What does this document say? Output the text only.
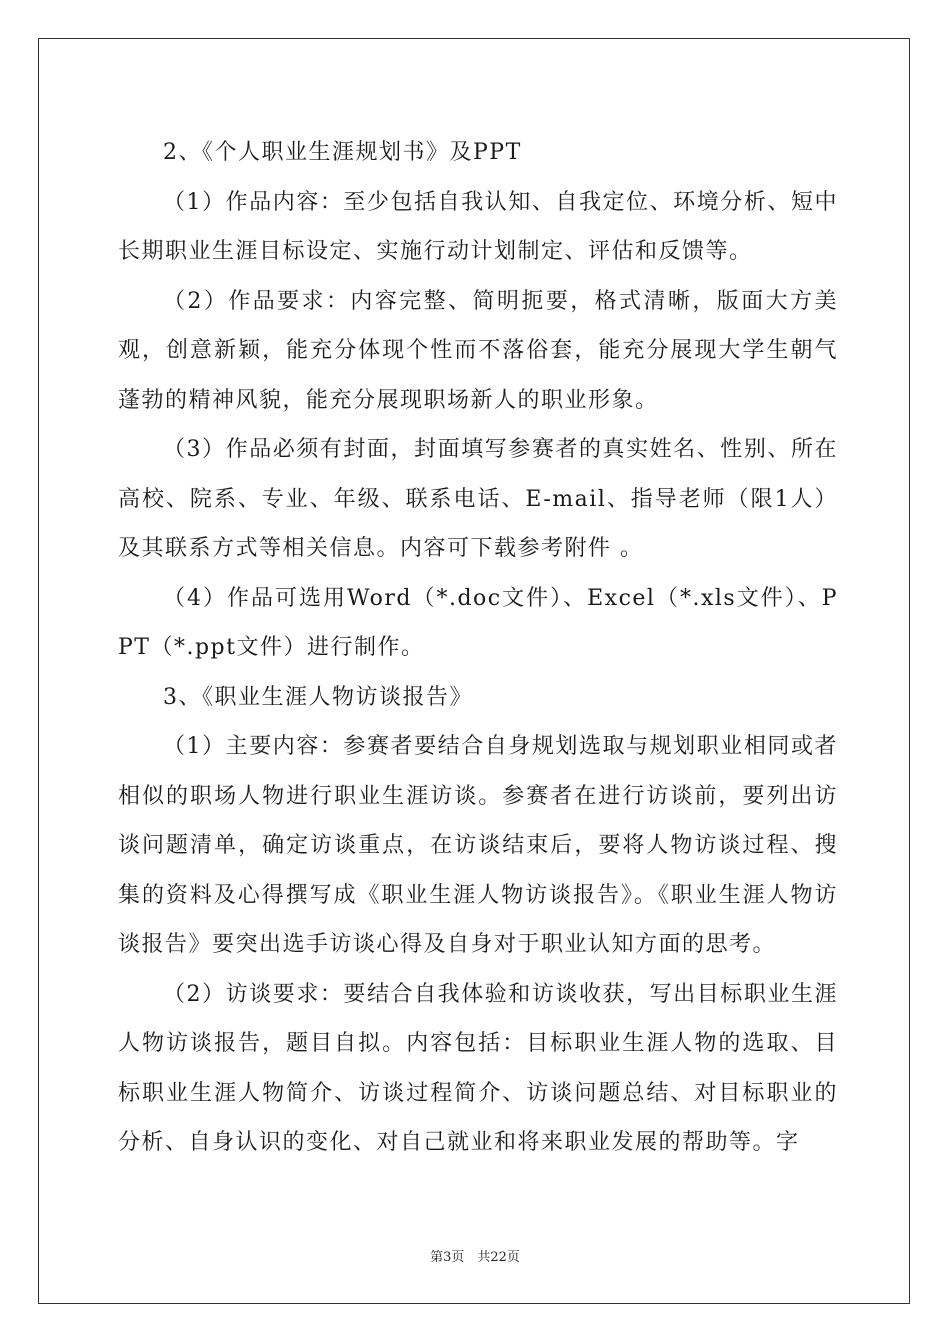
2、《个人职业生涯规划书》及PPT

（1）作品内容：至少包括自我认知、自我定位、环境分析、短中长期职业生涯目标设定、实施行动计划制定、评估和反馈等。

（2）作品要求：内容完整、简明扼要，格式清晰，版面大方美观，创意新颖，能充分体现个性而不落俗套，能充分展现大学生朝气蓬勃的精神风貌，能充分展现职场新人的职业形象。

（3）作品必须有封面，封面填写参赛者的真实姓名、性别、所在高校、院系、专业、年级、联系电话、E-mail、指导老师（限1人）及其联系方式等相关信息。内容可下载参考附件 。

（4）作品可选用Word（*.doc文件）、Excel（*.xls文件）、PPT（*.ppt文件）进行制作。

3、《职业生涯人物访谈报告》

（1）主要内容：参赛者要结合自身规划选取与规划职业相同或者相似的职场人物进行职业生涯访谈。参赛者在进行访谈前，要列出访谈问题清单，确定访谈重点，在访谈结束后，要将人物访谈过程、搜集的资料及心得撰写成《职业生涯人物访谈报告》。《职业生涯人物访谈报告》要突出选手访谈心得及自身对于职业认知方面的思考。

（2）访谈要求：要结合自我体验和访谈收获，写出目标职业生涯人物访谈报告，题目自拟。内容包括：目标职业生涯人物的选取、目标职业生涯人物简介、访谈过程简介、访谈问题总结、对目标职业的分析、自身认识的变化、对自己就业和将来职业发展的帮助等。字

第3页　共22页
